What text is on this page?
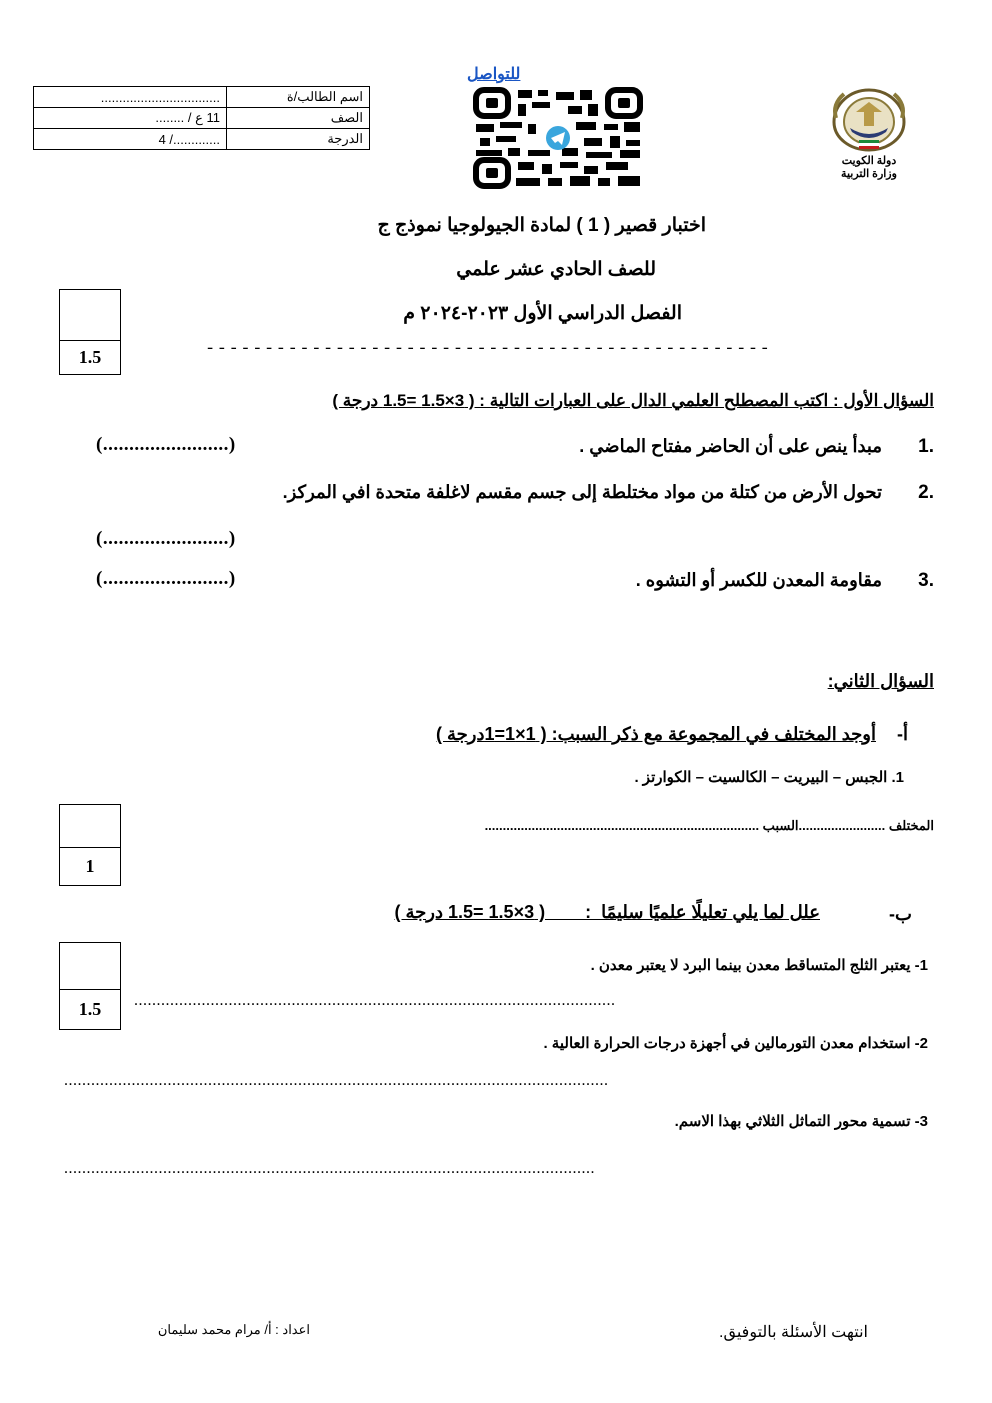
.................................	اسم الطالب/ة
11 ع / ........	الصف
............./ 4	الدرجة
للتواصل
دولة الكويت
وزارة التربية
اختبار قصير ( 1 ) لمادة الجيولوجيا نموذج ج
للصف الحادي عشر علمي
الفصل الدراسي الأول ٢٠٢٣-٢٠٢٤ م
------------------------------------------------
1.5
السؤال الأول : اكتب المصطلح العلمي الدال على العبارات التالية : ( 3×1.5 =1.5 درجة )
1.
مبدأ ينص على أن الحاضر مفتاح الماضي .
(........................)
2.
تحول الأرض من كتلة من مواد مختلطة إلى جسم مقسم لاغلفة متحدة افي المركز.
(........................)
3.
مقاومة المعدن للكسر أو التشوه .
(........................)
السؤال الثاني:
أ-
أوجد المختلف في المجموعة مع ذكر السبب: ( 1×1=1درجة )
1. الجبس – البيريت – الكالسيت – الكوارتز .
المختلف ........................السبب ............................................................................
1
ب-
علل لما يلي تعليلًا علميًا سليمًا  :        ( 3×1.5 =1.5 درجة )
1.5
1- يعتبر الثلج المتساقط معدن بينما البرد لا يعتبر معدن .
...........................................................................................................
2- استخدام معدن التورمالين في أجهزة درجات الحرارة العالية .
.........................................................................................................................
3- تسمية محور التماثل الثلاثي بهذا الاسم.
......................................................................................................................
انتهت الأسئلة بالتوفيق.
اعداد : أ/ مرام محمد سليمان
